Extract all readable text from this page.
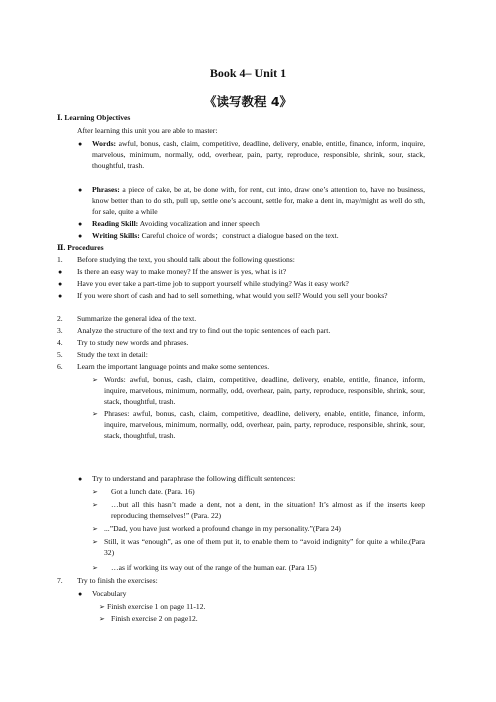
Book 4– Unit 1
《读写教程 4》
Ⅰ. Learning Objectives
After learning this unit you are able to master:
● Words: awful, bonus, cash, claim, competitive, deadline, delivery, enable, entitle, finance, inform, inquire, marvelous, minimum, normally, odd, overhear, pain, party, reproduce, responsible, shrink, sour, stack, thoughtful, trash.
● Phrases: a piece of cake, be at, be done with, for rent, cut into, draw one’s attention to, have no business, know better than to do sth, pull up, settle one’s account, settle for, make a dent in, may/might as well do sth, for sale, quite a while
● Reading Skill: Avoiding vocalization and inner speech
● Writing Skills: Careful choice of words；construct a dialogue based on the text.
Ⅱ. Procedures
1. Before studying the text, you should talk about the following questions:
● Is there an easy way to make money? If the answer is yes, what is it?
● Have you ever take a part-time job to support yourself while studying? Was it easy work?
● If you were short of cash and had to sell something, what would you sell? Would you sell your books?
2. Summarize the general idea of the text.
3. Analyze the structure of the text and try to find out the topic sentences of each part.
4. Try to study new words and phrases.
5. Study the text in detail:
6. Learn the important language points and make some sentences.
➢ Words: awful, bonus, cash, claim, competitive, deadline, delivery, enable, entitle, finance, inform, inquire, marvelous, minimum, normally, odd, overhear, pain, party, reproduce, responsible, shrink, sour, stack, thoughtful, trash.
➢ Phrases: awful, bonus, cash, claim, competitive, deadline, delivery, enable, entitle, finance, inform, inquire, marvelous, minimum, normally, odd, overhear, pain, party, reproduce, responsible, shrink, sour, stack, thoughtful, trash.
● Try to understand and paraphrase the following difficult sentences:
➢ Got a lunch date. (Para. 16)
➢ …but all this hasn’t made a dent, not a dent, in the situation! It’s almost as if the inserts keep reproducing themselves!” (Para. 22)
➢ ...”Dad, you have just worked a profound change in my personality.”(Para 24)
➢ Still, it was “enough”, as one of them put it, to enable them to “avoid indignity” for quite a while.(Para 32)
➢ …as if working its way out of the range of the human ear. (Para 15)
7. Try to finish the exercises:
● Vocabulary
➢ Finish exercise 1 on page 11-12.
➢ Finish exercise 2 on page12.
